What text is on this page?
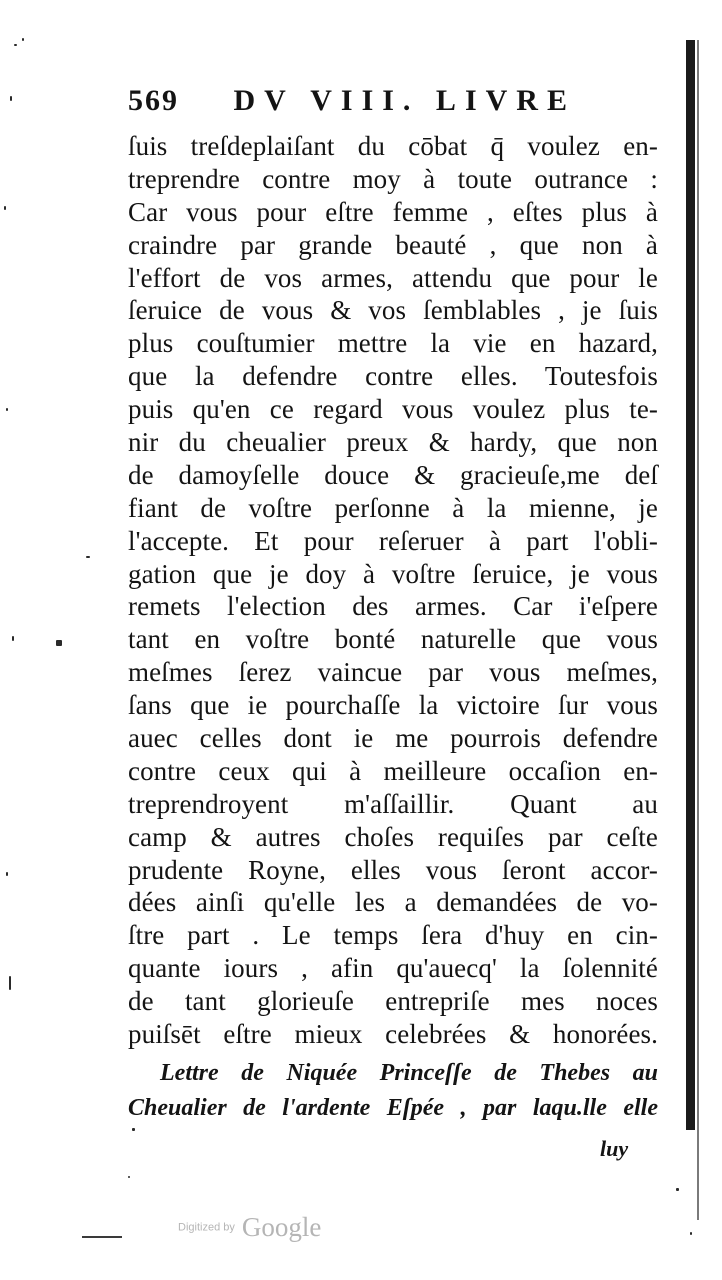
569 DV VIII. LIVRE
ſuis treſdeplaiſant du cōbat q̄ voulez en-
treprendre contre moy à toute outrance :
Car vous pour eſtre femme , eſtes plus à
craindre par grande beauté , que non à
l'effort de vos armes, attendu que pour le
ſeruice de vous & vos ſemblables , je ſuis
plus couſtumier mettre la vie en hazard,
que la defendre contre elles. Toutesfois
puis qu'en ce regard vous voulez plus te-
nir du cheualier preux & hardy, que non
de damoyſelle douce & gracieuſe,me deſ
fiant de voſtre perſonne à la mienne, je
l'accepte. Et pour reſeruer à part l'obli-
gation que je doy à voſtre ſeruice, je vous
remets l'election des armes. Car i'eſpere
tant en voſtre bonté naturelle que vous
meſmes ſerez vaincue par vous meſmes,
ſans que ie pourchaſſe la victoire ſur vous
auec celles dont ie me pourrois defendre
contre ceux qui à meilleure occaſion en-
treprendroyent m'aſſaillir. Quant au
camp & autres choſes requiſes par ceſte
prudente Royne, elles vous ſeront accor-
dées ainſi qu'elle les a demandées de vo-
ſtre part . Le temps ſera d'huy en cin-
quante iours , afin qu'auecq' la ſolennité
de tant glorieuſe entrepriſe mes noces
puiſsēt eſtre mieux celebrées & honorées.
Lettre de Niquée Princeſſe de Thebes au
Cheualier de l'ardente Eſpée , par laqu.lle elle
luy
Digitized by Google
